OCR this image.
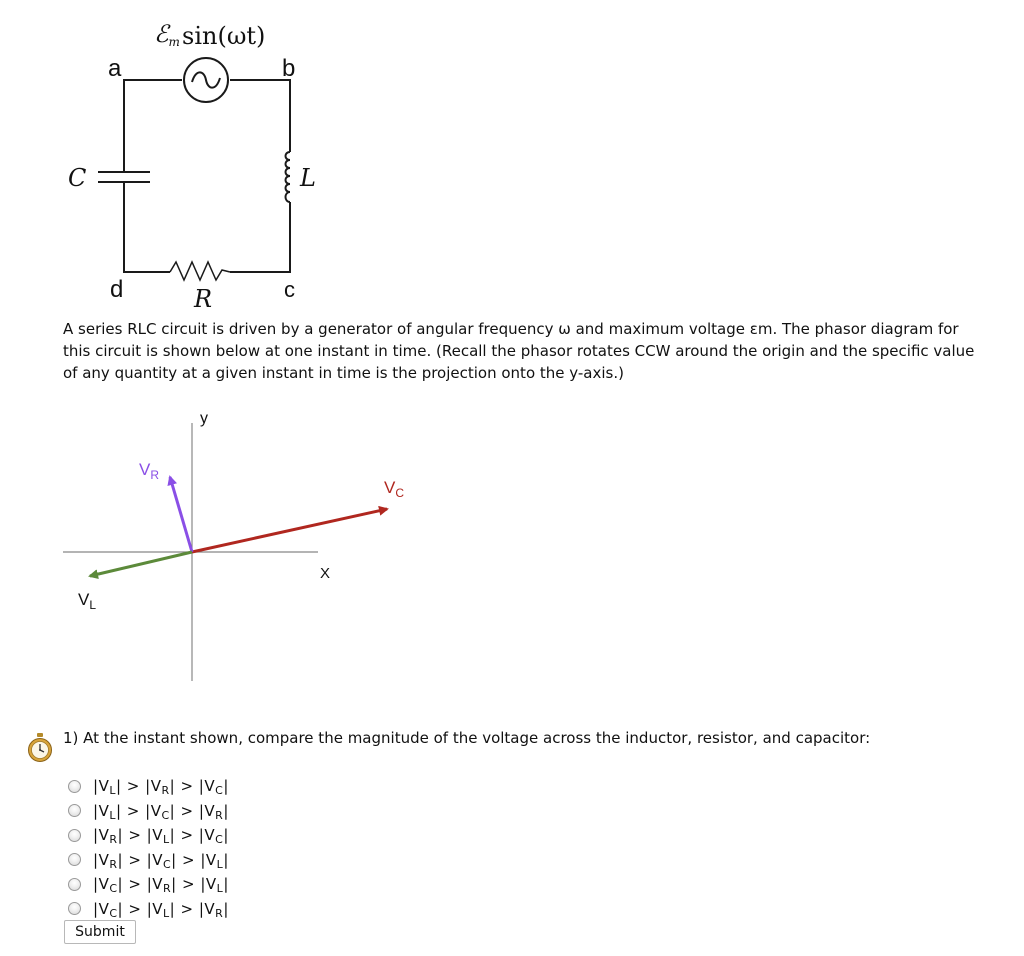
ℰm sin(ωt)
a	b
d	c
C	L
R
A series RLC circuit is driven by a generator of angular frequency ω and maximum voltage εm. The phasor diagram for this circuit is shown below at one instant in time. (Recall the phasor rotates CCW around the origin and the specific value of any quantity at a given instant in time is the projection onto the y-axis.)
y
X
$V_R$
$V_C$
$V_L$
1) At the instant shown, compare the magnitude of the voltage across the inductor, resistor, and capacitor:
$|V_L| > |V_R| > |V_C|$
$|V_L| > |V_C| > |V_R|$
$|V_R| > |V_L| > |V_C|$
$|V_R| > |V_C| > |V_L|$
$|V_C| > |V_R| > |V_L|$
$|V_C| > |V_L| > |V_R|$
Submit
